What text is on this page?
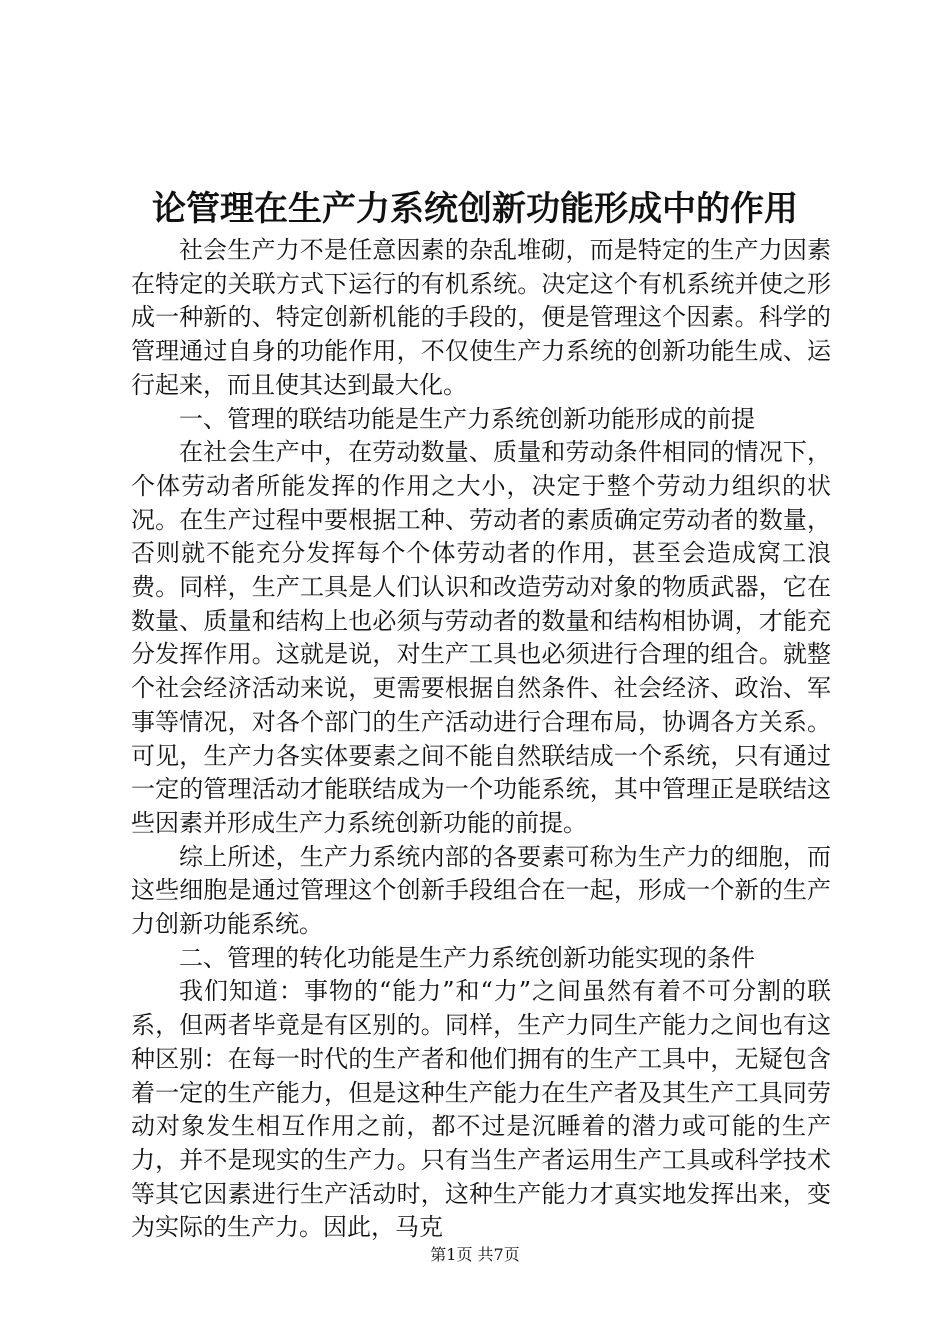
论管理在生产力系统创新功能形成中的作用

社会生产力不是任意因素的杂乱堆砌，而是特定的生产力因素在特定的关联方式下运行的有机系统。决定这个有机系统并使之形成一种新的、特定创新机能的手段的，便是管理这个因素。科学的管理通过自身的功能作用，不仅使生产力系统的创新功能生成、运行起来，而且使其达到最大化。

一、管理的联结功能是生产力系统创新功能形成的前提

在社会生产中，在劳动数量、质量和劳动条件相同的情况下，个体劳动者所能发挥的作用之大小，决定于整个劳动力组织的状况。在生产过程中要根据工种、劳动者的素质确定劳动者的数量，否则就不能充分发挥每个个体劳动者的作用，甚至会造成窝工浪费。同样，生产工具是人们认识和改造劳动对象的物质武器，它在数量、质量和结构上也必须与劳动者的数量和结构相协调，才能充分发挥作用。这就是说，对生产工具也必须进行合理的组合。就整个社会经济活动来说，更需要根据自然条件、社会经济、政治、军事等情况，对各个部门的生产活动进行合理布局，协调各方关系。可见，生产力各实体要素之间不能自然联结成一个系统，只有通过一定的管理活动才能联结成为一个功能系统，其中管理正是联结这些因素并形成生产力系统创新功能的前提。

综上所述，生产力系统内部的各要素可称为生产力的细胞，而这些细胞是通过管理这个创新手段组合在一起，形成一个新的生产力创新功能系统。

二、管理的转化功能是生产力系统创新功能实现的条件

我们知道：事物的“能力”和“力”之间虽然有着不可分割的联系，但两者毕竟是有区别的。同样，生产力同生产能力之间也有这种区别：在每一时代的生产者和他们拥有的生产工具中，无疑包含着一定的生产能力，但是这种生产能力在生产者及其生产工具同劳动对象发生相互作用之前，都不过是沉睡着的潜力或可能的生产力，并不是现实的生产力。只有当生产者运用生产工具或科学技术等其它因素进行生产活动时，这种生产能力才真实地发挥出来，变为实际的生产力。因此，马克

第1页 共7页
